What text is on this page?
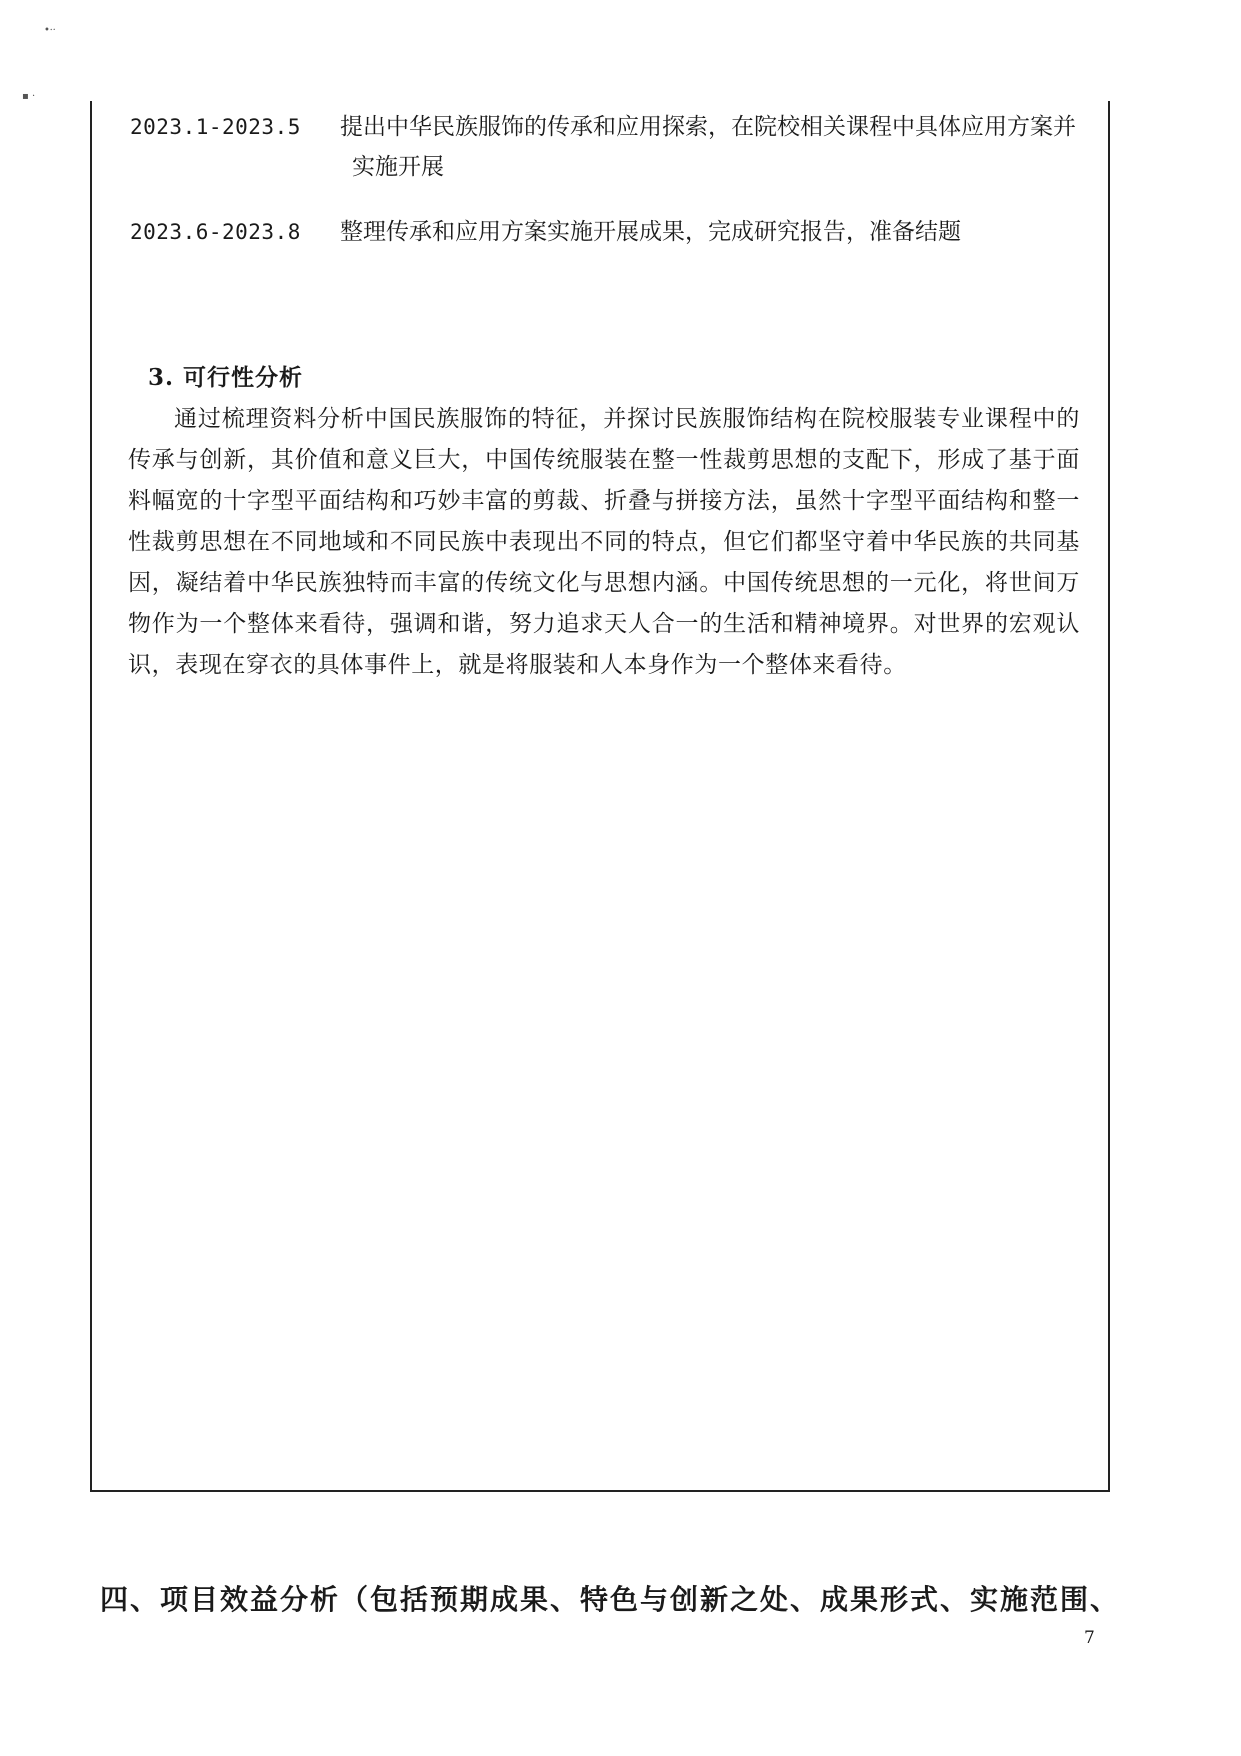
•⸱·
▪ ·
2023.1-2023.5 提出中华民族服饰的传承和应用探索，在院校相关课程中具体应用方案并
实施开展
2023.6-2023.8 整理传承和应用方案实施开展成果，完成研究报告，准备结题
3. 可行性分析

通过梳理资料分析中国民族服饰的特征，并探讨民族服饰结构在院校服装专业课程中的传承与创新，其价值和意义巨大，中国传统服装在整一性裁剪思想的支配下，形成了基于面料幅宽的十字型平面结构和巧妙丰富的剪裁、折叠与拼接方法，虽然十字型平面结构和整一性裁剪思想在不同地域和不同民族中表现出不同的特点，但它们都坚守着中华民族的共同基因，凝结着中华民族独特而丰富的传统文化与思想内涵。中国传统思想的一元化，将世间万物作为一个整体来看待，强调和谐，努力追求天人合一的生活和精神境界。对世界的宏观认识，表现在穿衣的具体事件上，就是将服装和人本身作为一个整体来看待。

四、项目效益分析（包括预期成果、特色与创新之处、成果形式、实施范围、
7
